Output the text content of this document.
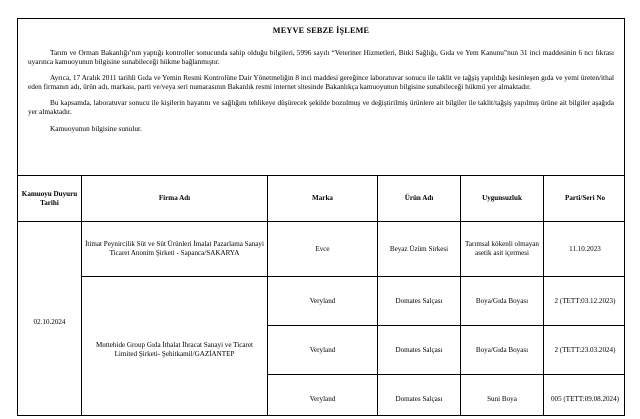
MEYVE SEBZE İŞLEME

Tarım ve Orman Bakanlığı’nın yaptığı kontroller sonucunda sahip olduğu bilgileri, 5996 sayılı “Veteriner Hizmetleri, Bitki Sağlığı, Gıda ve Yem Kanunu”nun 31 inci maddesinin 6 ncı fıkrası uyarınca kamuoyunun bilgisine sunabileceği hükme bağlanmıştır.

Ayrıca, 17 Aralık 2011 tarihli Gıda ve Yemin Resmi Kontrolüne Dair Yönetmeliğin 8 inci maddesi gereğince laboratuvar sonucu ile taklit ve tağşiş yapıldığı kesinleşen gıda ve yemi üreten/ithal eden firmanın adı, ürün adı, markası, parti ve/veya seri numarasının Bakanlık resmi internet sitesinde Bakanlıkça kamuoyunun bilgisine sunabileceği hükmü yer almaktadır.

Bu kapsamda, laboratuvar sonucu ile kişilerin hayatını ve sağlığını tehlikeye düşürecek şekilde bozulmuş ve değiştirilmiş ürünlere ait bilgiler ile taklit/tağşiş yapılmış ürüne ait bilgiler aşağıda yer almaktadır.

Kamuoyunun bilgisine sunulur.

Kamuoyu Duyuru Tarihi	Firma Adı	Marka	Ürün Adı	Uygunsuzluk	Parti/Seri No
02.10.2024	İtimat Peynircilik Süt ve Süt Ürünleri İmalat Pazarlama Sanayi Ticaret Anonim Şirketi - Sapanca/SAKARYA	Evce	Beyaz Üzüm Sirkesi	Tarımsal kökenli olmayan asetik asit içermesi	11.10.2023
	Muttehide Group Gıda İthalat İhracat Sanayi ve Ticaret Limited Şirketi- Şehitkamil/GAZİANTEP	Veryland	Domates Salçası	Boya/Gıda Boyası	2 (TETT:03.12.2023)
		Veryland	Domates Salçası	Boya/Gıda Boyası	2 (TETT:23.03.2024)
		Veryland	Domates Salçası	Suni Boya	005 (TETT:09.08.2024)
